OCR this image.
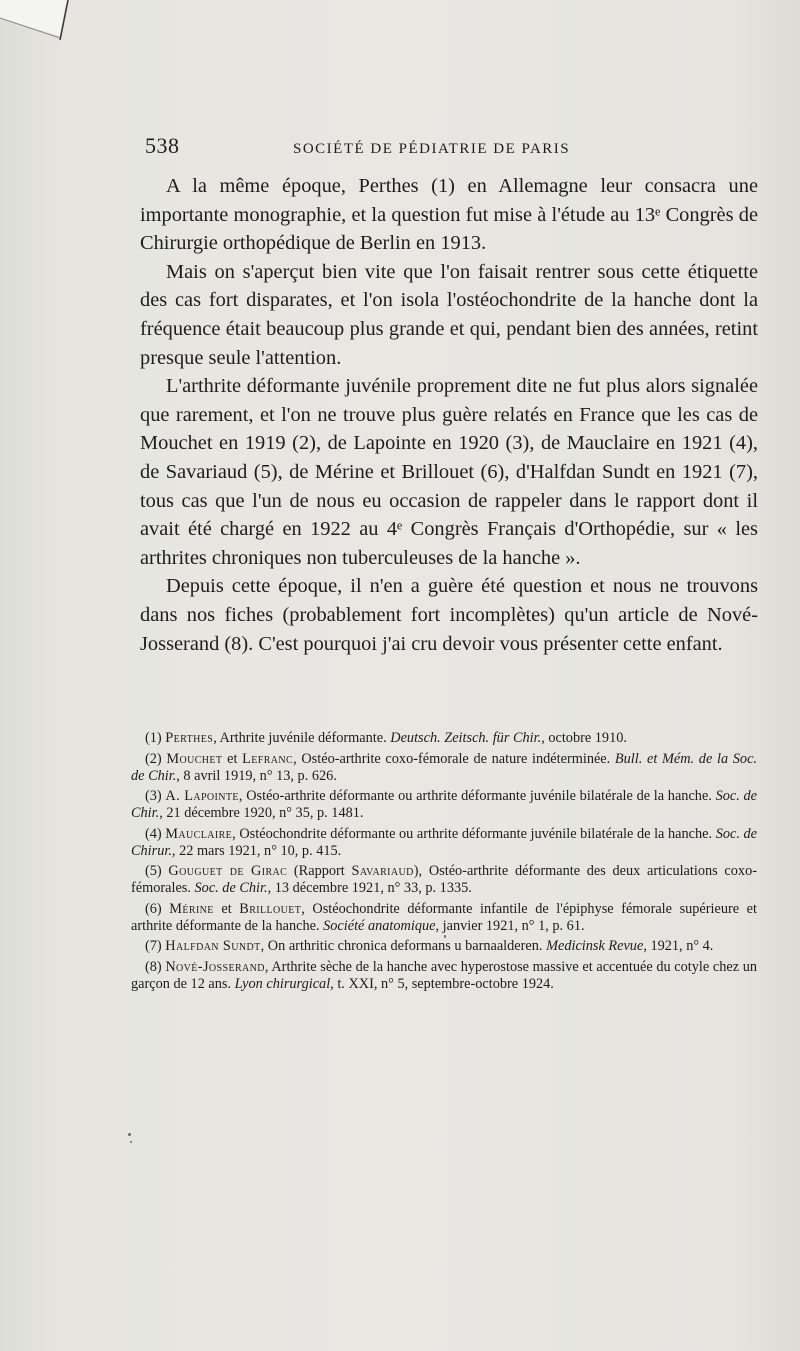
538	SOCIÉTÉ DE PÉDIATRIE DE PARIS

A la même époque, Perthes (1) en Allemagne leur consacra une importante monographie, et la question fut mise à l'étude au 13ᵉ Congrès de Chirurgie orthopédique de Berlin en 1913.

Mais on s'aperçut bien vite que l'on faisait rentrer sous cette étiquette des cas fort disparates, et l'on isola l'ostéochondrite de la hanche dont la fréquence était beaucoup plus grande et qui, pendant bien des années, retint presque seule l'attention.

L'arthrite déformante juvénile proprement dite ne fut plus alors signalée que rarement, et l'on ne trouve plus guère relatés en France que les cas de Mouchet en 1919 (2), de Lapointe en 1920 (3), de Mauclaire en 1921 (4), de Savariaud (5), de Mérine et Brillouet (6), d'Halfdan Sundt en 1921 (7), tous cas que l'un de nous eu occasion de rappeler dans le rapport dont il avait été chargé en 1922 au 4ᵉ Congrès Français d'Orthopédie, sur « les arthrites chroniques non tuberculeuses de la hanche ».

Depuis cette époque, il n'en a guère été question et nous ne trouvons dans nos fiches (probablement fort incomplètes) qu'un article de Nové-Josserand (8). C'est pourquoi j'ai cru devoir vous présenter cette enfant.

(1) Perthes, Arthrite juvénile déformante. Deutsch. Zeitsch. für Chir., octobre 1910.

(2) Mouchet et Lefranc, Ostéo-arthrite coxo-fémorale de nature indéterminée. Bull. et Mém. de la Soc. de Chir., 8 avril 1919, n° 13, p. 626.

(3) A. Lapointe, Ostéo-arthrite déformante ou arthrite déformante juvénile bilatérale de la hanche. Soc. de Chir., 21 décembre 1920, n° 35, p. 1481.

(4) Mauclaire, Ostéochondrite déformante ou arthrite déformante juvénile bilatérale de la hanche. Soc. de Chirur., 22 mars 1921, n° 10, p. 415.

(5) Gouguet de Girac (Rapport Savariaud), Ostéo-arthrite déformante des deux articulations coxo-fémorales. Soc. de Chir., 13 décembre 1921, n° 33, p. 1335.

(6) Mérine et Brillouet, Ostéochondrite déformante infantile de l'épiphyse fémorale supérieure et arthrite déformante de la hanche. Société anatomique, janvier 1921, n° 1, p. 61.

(7) Halfdan Sundt, On arthritic chronica deformans u barnaalderen. Medicinsk Revue, 1921, n° 4.

(8) Nové-Josserand, Arthrite sèche de la hanche avec hyperostose massive et accentuée du cotyle chez un garçon de 12 ans. Lyon chirurgical, t. XXI, n° 5, septembre-octobre 1924.
